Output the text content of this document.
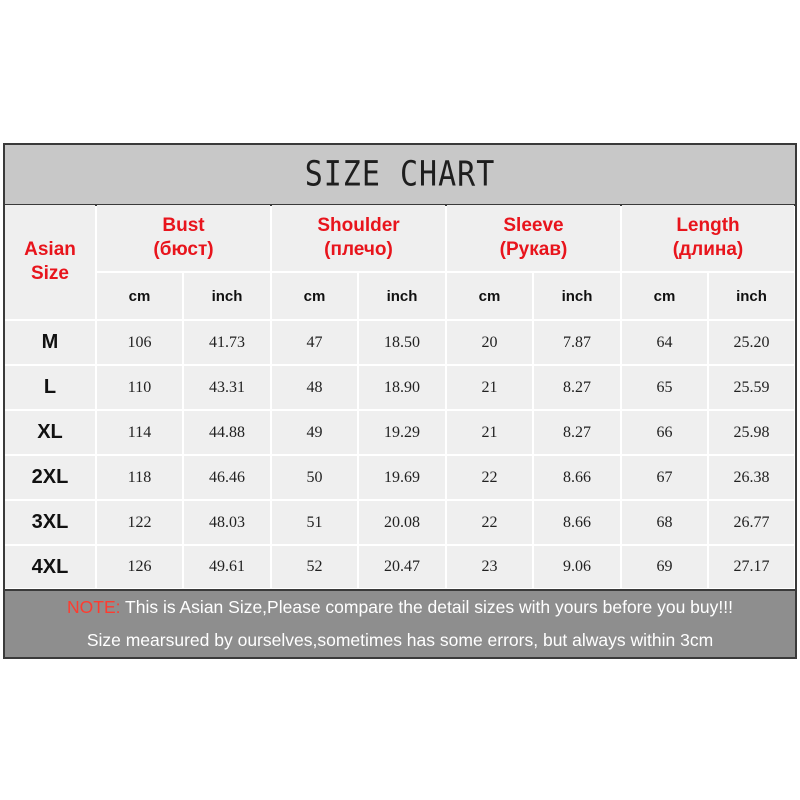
SIZE CHART
Asian
Size
Bust
(бюст)
Shoulder
(плечо)
Sleeve
(Рукав)
Length
(длина)
cm	inch	cm	inch	cm	inch	cm	inch
M	106	41.73	47	18.50	20	7.87	64	25.20
L	110	43.31	48	18.90	21	8.27	65	25.59
XL	114	44.88	49	19.29	21	8.27	66	25.98
2XL	118	46.46	50	19.69	22	8.66	67	26.38
3XL	122	48.03	51	20.08	22	8.66	68	26.77
4XL	126	49.61	52	20.47	23	9.06	69	27.17
NOTE: This is Asian Size,Please compare the detail sizes with yours before you buy!!!
Size mearsured by ourselves,sometimes has some errors, but always within 3cm
